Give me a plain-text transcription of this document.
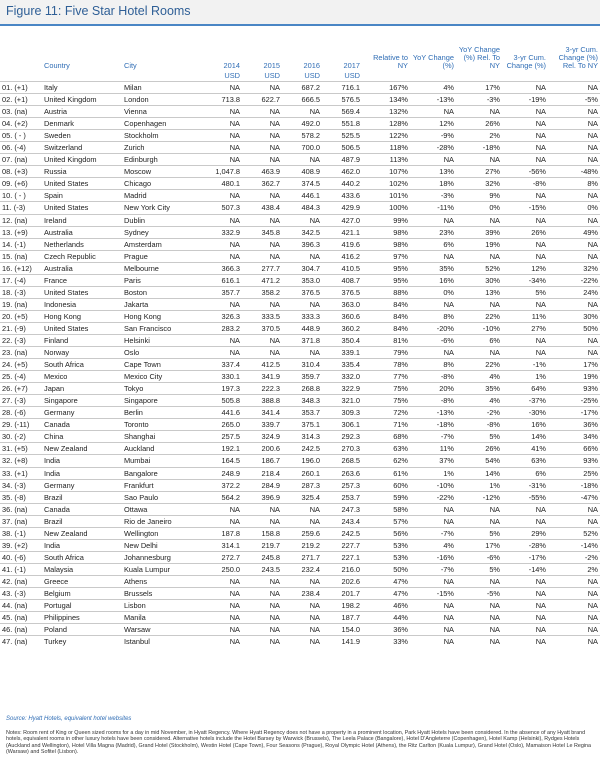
Figure 11: Five Star Hotel Rooms
	Country	City	2014	2015	2016	2017	Relative to NY	YoY Change (%)	YoY Change (%) Rel. To NY	3-yr Cum. Change (%)	3-yr Cum. Change (%) Rel. To NY
			USD	USD	USD	USD					
01. (+1)	Italy	Milan	NA	NA	687.2	716.1	167%	4%	17%	NA	NA
02. (+1)	United Kingdom	London	713.8	622.7	666.5	576.5	134%	-13%	-3%	-19%	-5%
03. (na)	Austria	Vienna	NA	NA	NA	569.4	132%	NA	NA	NA	NA
04. (+2)	Denmark	Copenhagen	NA	NA	492.0	551.8	128%	12%	26%	NA	NA
05. ( - )	Sweden	Stockholm	NA	NA	578.2	525.5	122%	-9%	2%	NA	NA
06. (-4)	Switzerland	Zurich	NA	NA	700.0	506.5	118%	-28%	-18%	NA	NA
07. (na)	United Kingdom	Edinburgh	NA	NA	NA	487.9	113%	NA	NA	NA	NA
08. (+3)	Russia	Moscow	1,047.8	463.9	408.9	462.0	107%	13%	27%	-56%	-48%
09. (+6)	United States	Chicago	480.1	362.7	374.5	440.2	102%	18%	32%	-8%	8%
10. ( - )	Spain	Madrid	NA	NA	446.1	433.6	101%	-3%	9%	NA	NA
11. (-3)	United States	New York City	507.3	438.4	484.3	429.9	100%	-11%	0%	-15%	0%
12. (na)	Ireland	Dublin	NA	NA	NA	427.0	99%	NA	NA	NA	NA
13. (+9)	Australia	Sydney	332.9	345.8	342.5	421.1	98%	23%	39%	26%	49%
14. (-1)	Netherlands	Amsterdam	NA	NA	396.3	419.6	98%	6%	19%	NA	NA
15. (na)	Czech Republic	Prague	NA	NA	NA	416.2	97%	NA	NA	NA	NA
16. (+12)	Australia	Melbourne	366.3	277.7	304.7	410.5	95%	35%	52%	12%	32%
17. (-4)	France	Paris	616.1	471.2	353.0	408.7	95%	16%	30%	-34%	-22%
18. (-3)	United States	Boston	357.7	358.2	376.5	376.5	88%	0%	13%	5%	24%
19. (na)	Indonesia	Jakarta	NA	NA	NA	363.0	84%	NA	NA	NA	NA
20. (+5)	Hong Kong	Hong Kong	326.3	333.5	333.3	360.6	84%	8%	22%	11%	30%
21. (-9)	United States	San Francisco	283.2	370.5	448.9	360.2	84%	-20%	-10%	27%	50%
22. (-3)	Finland	Helsinki	NA	NA	371.8	350.4	81%	-6%	6%	NA	NA
23. (na)	Norway	Oslo	NA	NA	NA	339.1	79%	NA	NA	NA	NA
24. (+5)	South Africa	Cape Town	337.4	412.5	310.4	335.4	78%	8%	22%	-1%	17%
25. (-4)	Mexico	Mexico City	330.1	341.9	359.7	332.0	77%	-8%	4%	1%	19%
26. (+7)	Japan	Tokyo	197.3	222.3	268.8	322.9	75%	20%	35%	64%	93%
27. (-3)	Singapore	Singapore	505.8	388.8	348.3	321.0	75%	-8%	4%	-37%	-25%
28. (-6)	Germany	Berlin	441.6	341.4	353.7	309.3	72%	-13%	-2%	-30%	-17%
29. (-11)	Canada	Toronto	265.0	339.7	375.1	306.1	71%	-18%	-8%	16%	36%
30. (-2)	China	Shanghai	257.5	324.9	314.3	292.3	68%	-7%	5%	14%	34%
31. (+5)	New Zealand	Auckland	192.1	200.6	242.5	270.3	63%	11%	26%	41%	66%
32. (+8)	India	Mumbai	164.5	186.7	196.0	268.5	62%	37%	54%	63%	93%
33. (+1)	India	Bangalore	248.9	218.4	260.1	263.6	61%	1%	14%	6%	25%
34. (-3)	Germany	Frankfurt	372.2	284.9	287.3	257.3	60%	-10%	1%	-31%	-18%
35. (-8)	Brazil	Sao Paulo	564.2	396.9	325.4	253.7	59%	-22%	-12%	-55%	-47%
36. (na)	Canada	Ottawa	NA	NA	NA	247.3	58%	NA	NA	NA	NA
37. (na)	Brazil	Rio de Janeiro	NA	NA	NA	243.4	57%	NA	NA	NA	NA
38. (-1)	New Zealand	Wellington	187.8	158.8	259.6	242.5	56%	-7%	5%	29%	52%
39. (+2)	India	New Delhi	314.1	219.7	219.2	227.7	53%	4%	17%	-28%	-14%
40. (-6)	South Africa	Johannesburg	272.7	245.8	271.7	227.1	53%	-16%	-6%	-17%	-2%
41. (-1)	Malaysia	Kuala Lumpur	250.0	243.5	232.4	216.0	50%	-7%	5%	-14%	2%
42. (na)	Greece	Athens	NA	NA	NA	202.6	47%	NA	NA	NA	NA
43. (-3)	Belgium	Brussels	NA	NA	238.4	201.7	47%	-15%	-5%	NA	NA
44. (na)	Portugal	Lisbon	NA	NA	NA	198.2	46%	NA	NA	NA	NA
45. (na)	Philippines	Manila	NA	NA	NA	187.7	44%	NA	NA	NA	NA
46. (na)	Poland	Warsaw	NA	NA	NA	154.0	36%	NA	NA	NA	NA
47. (na)	Turkey	Istanbul	NA	NA	NA	141.9	33%	NA	NA	NA	NA
Source: Hyatt Hotels, equivalent hotel websites
Notes: Room rent of King or Queen sized rooms for a day in mid November, in Hyatt Regency. Where Hyatt Regency does not have a property in a prominent location, Park Hyatt Hotels have been considered. In the absence of any Hyatt brand hotels, equivalent rooms in other luxury hotels have been considered. Alternative hotels include the Hotel Barsey by Warwick (Brussels), The Leela Palace (Bangalore), Hotel D'Angleterre (Copenhagen), Hotel Kamp (Helsinki), Rydges Hotels (Auckland and Wellington), Hotel Villa Magna (Madrid), Grand Hotel (Stockholm), Westin Hotel (Cape Town), Four Seasons (Prague), Royal Olympic Hotel (Athens), the Ritz Carlton (Kuala Lumpur), Grand Hotel (Oslo), Mamaison Hotel Le Regina (Warsaw) and Sofitel (Lisbon).
